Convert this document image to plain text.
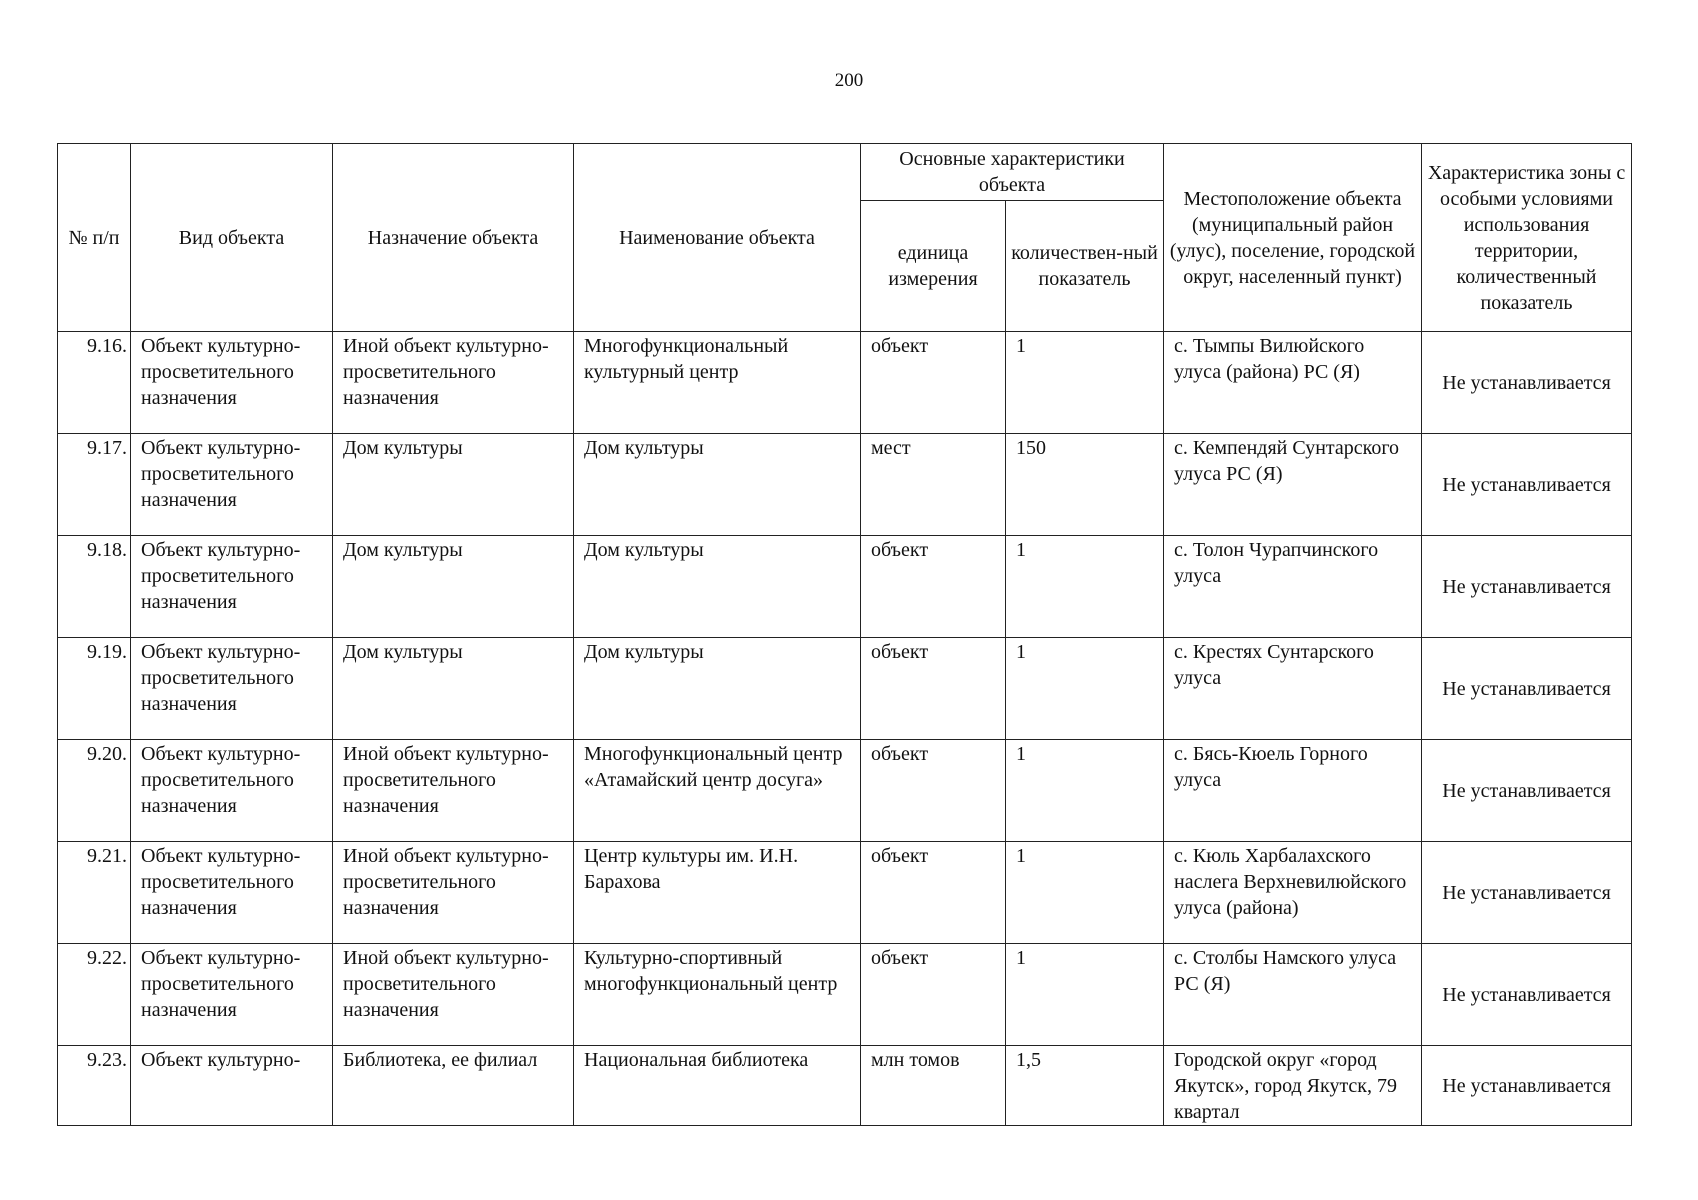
200
№ п/п	Вид объекта	Назначение объекта	Наименование объекта	Основные характеристики объекта		Местоположение объекта (муниципальный район (улус), поселение, городской округ, населенный пункт)	Характеристика зоны с особыми условиями использования территории, количественный показатель
				единица измерения	количествен-ный показатель		
9.16.	Объект культурно-просветительного назначения	Иной объект культурно-просветительного назначения	Многофункциональный культурный центр	объект	1	с. Тымпы Вилюйского улуса (района) РС (Я)	Не устанавливается
9.17.	Объект культурно-просветительного назначения	Дом культуры	Дом культуры	мест	150	с. Кемпендяй Сунтарского улуса РС (Я)	Не устанавливается
9.18.	Объект культурно-просветительного назначения	Дом культуры	Дом культуры	объект	1	с. Толон Чурапчинского улуса	Не устанавливается
9.19.	Объект культурно-просветительного назначения	Дом культуры	Дом культуры	объект	1	с. Крестях Сунтарского улуса	Не устанавливается
9.20.	Объект культурно-просветительного назначения	Иной объект культурно-просветительного назначения	Многофункциональный центр «Атамайский центр досуга»	объект	1	с. Бясь-Кюель Горного улуса	Не устанавливается
9.21.	Объект культурно-просветительного назначения	Иной объект культурно-просветительного назначения	Центр культуры им. И.Н. Барахова	объект	1	с. Кюль Харбалахского наслега Верхневилюйского улуса (района)	Не устанавливается
9.22.	Объект культурно-просветительного назначения	Иной объект культурно-просветительного назначения	Культурно-спортивный многофункциональный центр	объект	1	с. Столбы Намского улуса РС (Я)	Не устанавливается
9.23.	Объект культурно-	Библиотека, ее филиал	Национальная библиотека	млн томов	1,5	Городской округ «город Якутск», город Якутск, 79 квартал	Не устанавливается
